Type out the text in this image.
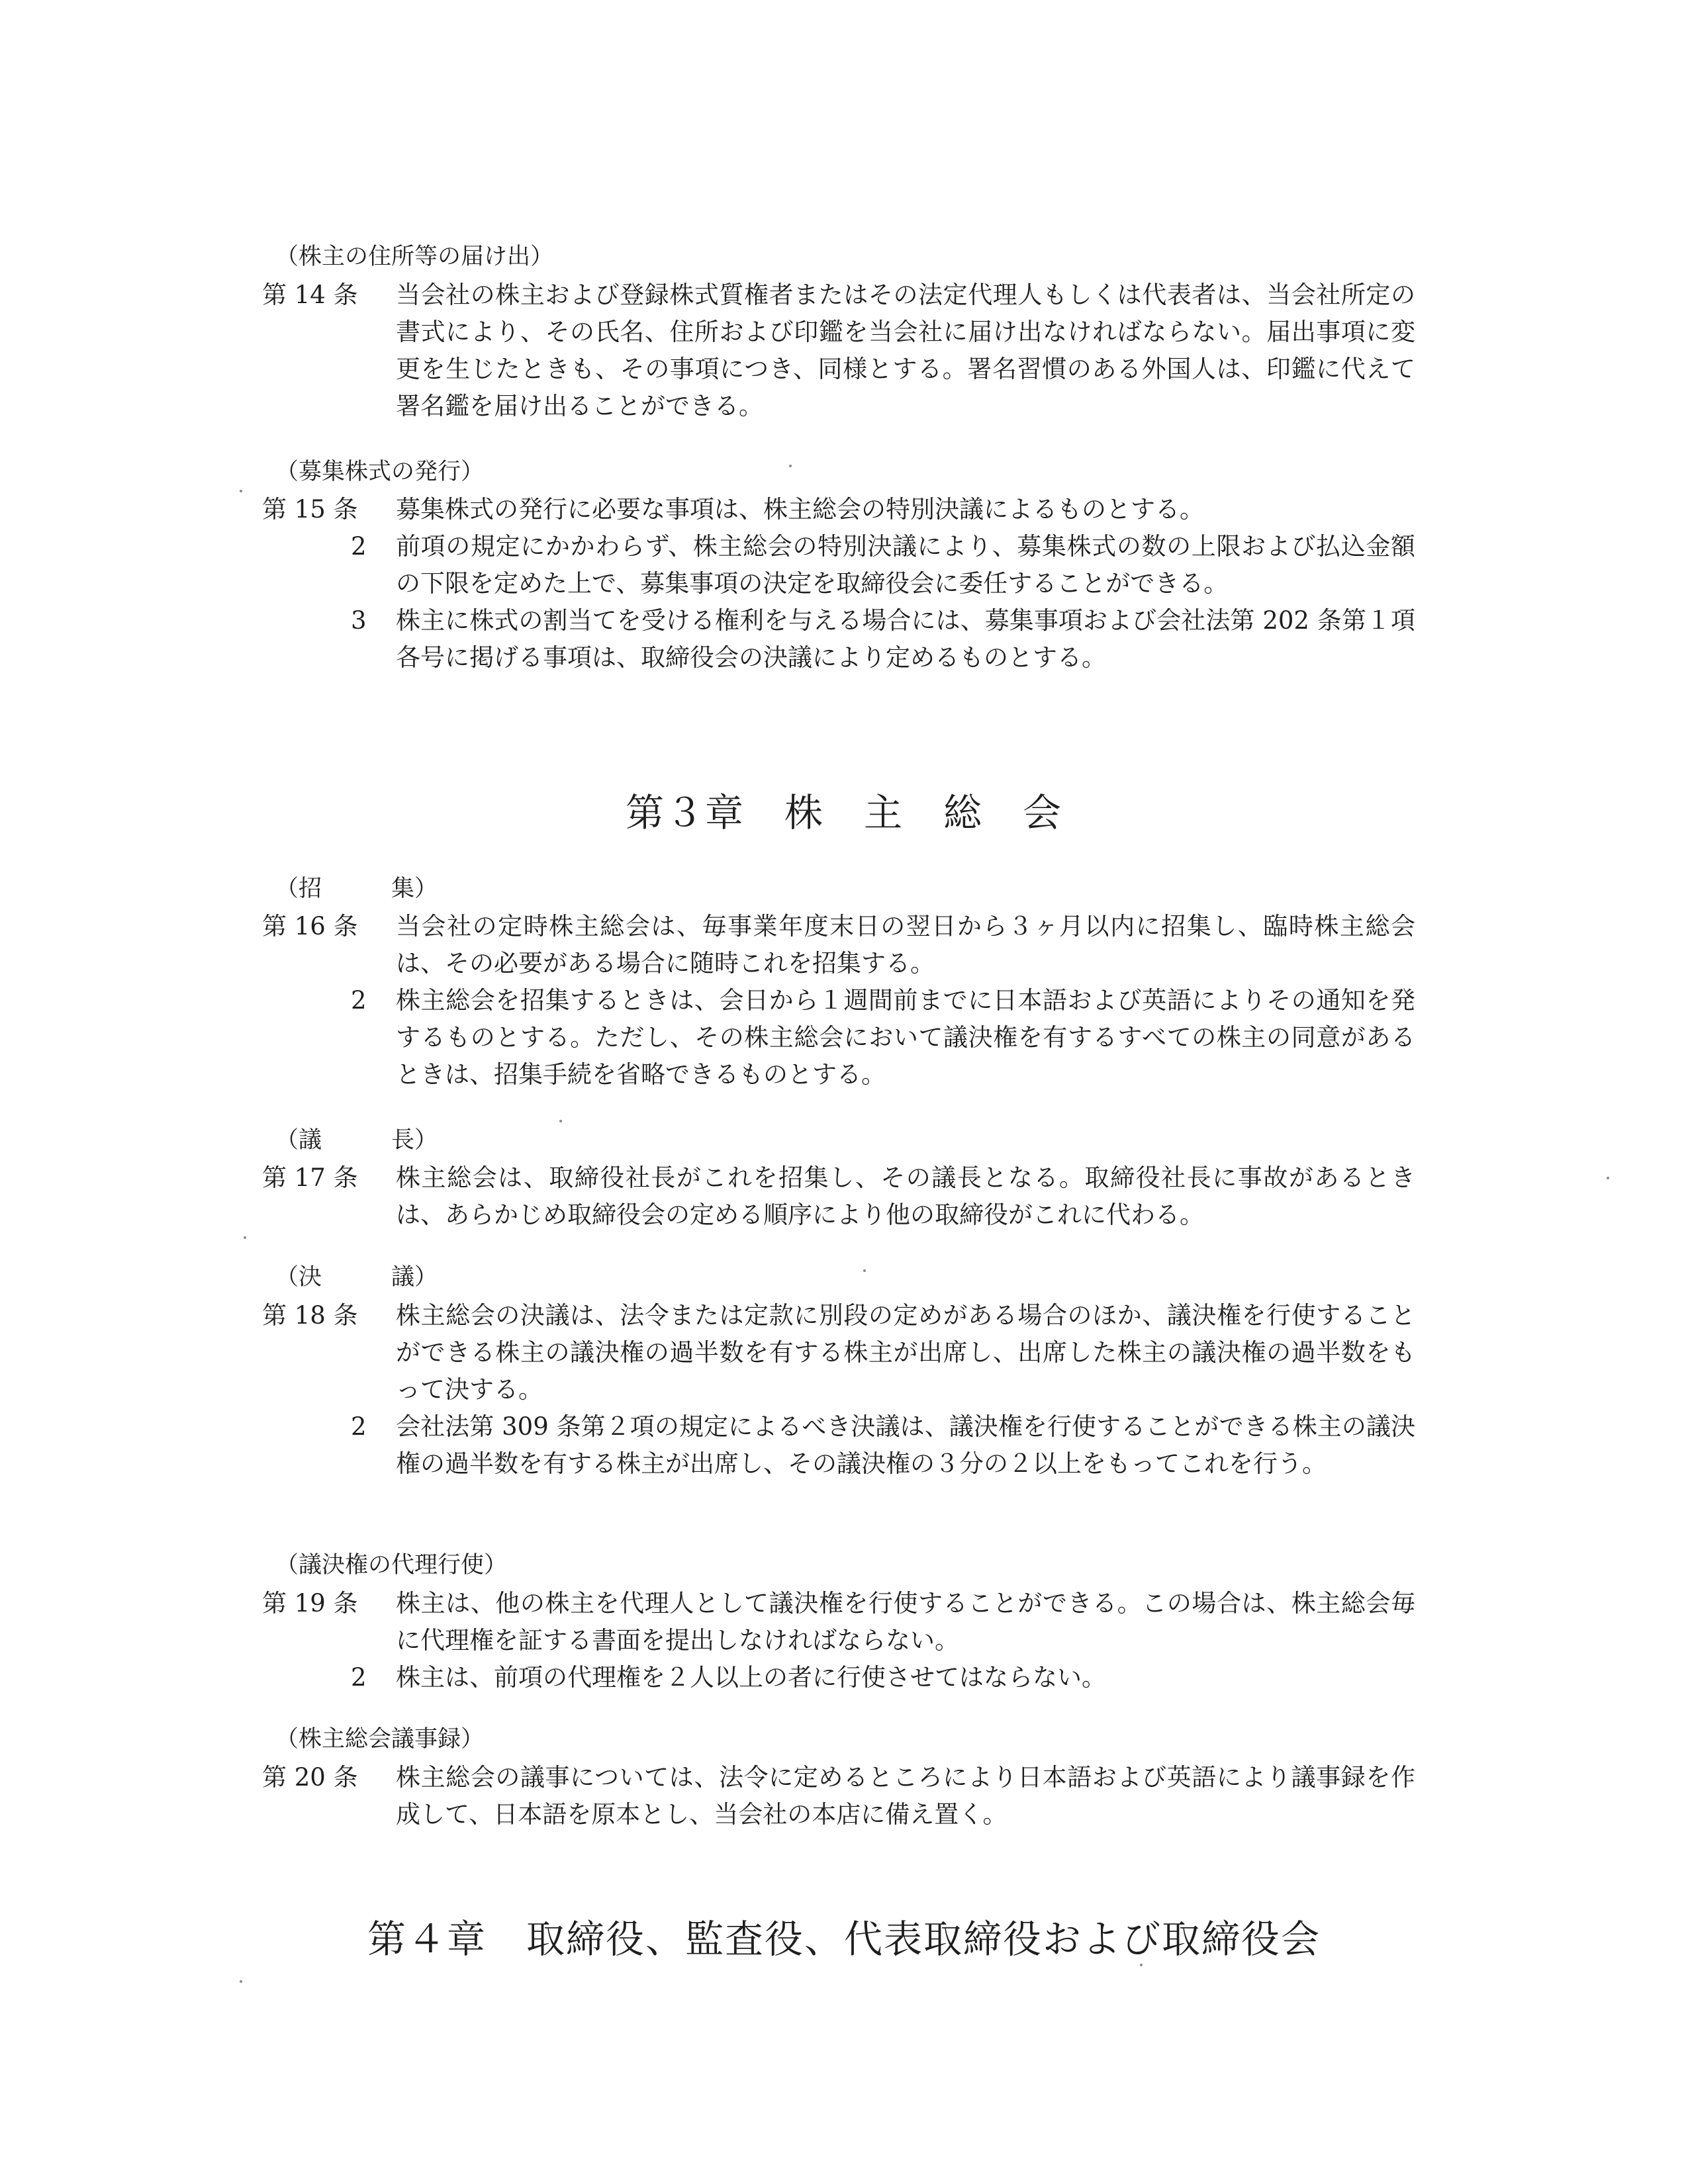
（株主の住所等の届け出）
第 14 条 当会社の株主および登録株式質権者またはその法定代理人もしくは代表者は、当会社所定の書式により、その氏名、住所および印鑑を当会社に届け出なければならない。届出事項に変更を生じたときも、その事項につき、同様とする。署名習慣のある外国人は、印鑑に代えて署名鑑を届け出ることができる。
（募集株式の発行）
第 15 条 募集株式の発行に必要な事項は、株主総会の特別決議によるものとする。
2 前項の規定にかかわらず、株主総会の特別決議により、募集株式の数の上限および払込金額の下限を定めた上で、募集事項の決定を取締役会に委任することができる。
3 株主に株式の割当てを受ける権利を与える場合には、募集事項および会社法第 202 条第１項各号に掲げる事項は、取締役会の決議により定めるものとする。
第３章　株　主　総　会
（招　　　集）
第 16 条 当会社の定時株主総会は、毎事業年度末日の翌日から３ヶ月以内に招集し、臨時株主総会は、その必要がある場合に随時これを招集する。
2 株主総会を招集するときは、会日から１週間前までに日本語および英語によりその通知を発するものとする。ただし、その株主総会において議決権を有するすべての株主の同意があるときは、招集手続を省略できるものとする。
（議　　　長）
第 17 条 株主総会は、取締役社長がこれを招集し、その議長となる。取締役社長に事故があるときは、あらかじめ取締役会の定める順序により他の取締役がこれに代わる。
（決　　　議）
第 18 条 株主総会の決議は、法令または定款に別段の定めがある場合のほか、議決権を行使することができる株主の議決権の過半数を有する株主が出席し、出席した株主の議決権の過半数をもって決する。
2 会社法第 309 条第２項の規定によるべき決議は、議決権を行使することができる株主の議決権の過半数を有する株主が出席し、その議決権の３分の２以上をもってこれを行う。
（議決権の代理行使）
第 19 条 株主は、他の株主を代理人として議決権を行使することができる。この場合は、株主総会毎に代理権を証する書面を提出しなければならない。
2 株主は、前項の代理権を２人以上の者に行使させてはならない。
（株主総会議事録）
第 20 条 株主総会の議事については、法令に定めるところにより日本語および英語により議事録を作成して、日本語を原本とし、当会社の本店に備え置く。
第４章　取締役、監査役、代表取締役および取締役会
